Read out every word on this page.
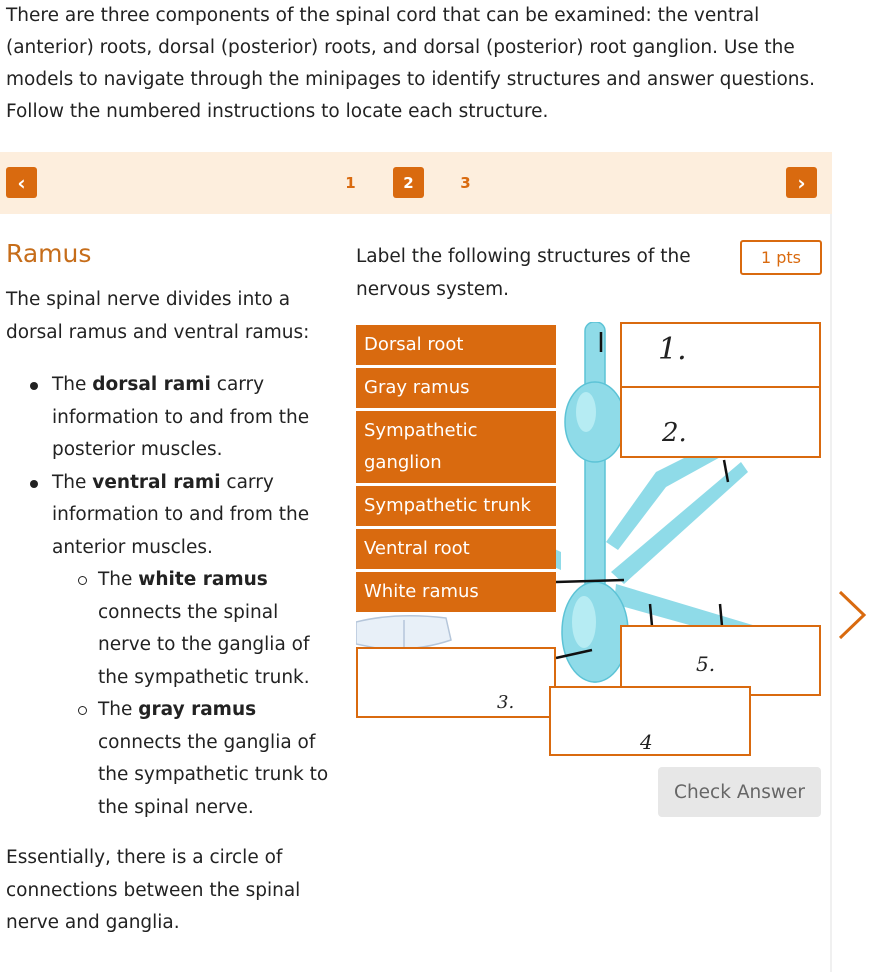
There are three components of the spinal cord that can be examined: the ventral (anterior) roots, dorsal (posterior) roots, and dorsal (posterior) root ganglion. Use the models to navigate through the minipages to identify structures and answer questions. Follow the numbered instructions to locate each structure.

‹	1	2	3	›
Ramus

The spinal nerve divides into a dorsal ramus and ventral ramus:

The dorsal rami carry information to and from the posterior muscles.
The ventral rami carry information to and from the anterior muscles.
The white ramus connects the spinal nerve to the ganglia of the sympathetic trunk.
The gray ramus connects the ganglia of the sympathetic trunk to the spinal nerve.

Essentially, there is a circle of connections between the spinal nerve and ganglia.

Label the following structures of the nervous system.

1 pts
Dorsal root
Gray ramus
Sympathetic ganglion
Sympathetic trunk
Ventral root
White ramus
1.
2.
3.
4
5.
Check Answer
